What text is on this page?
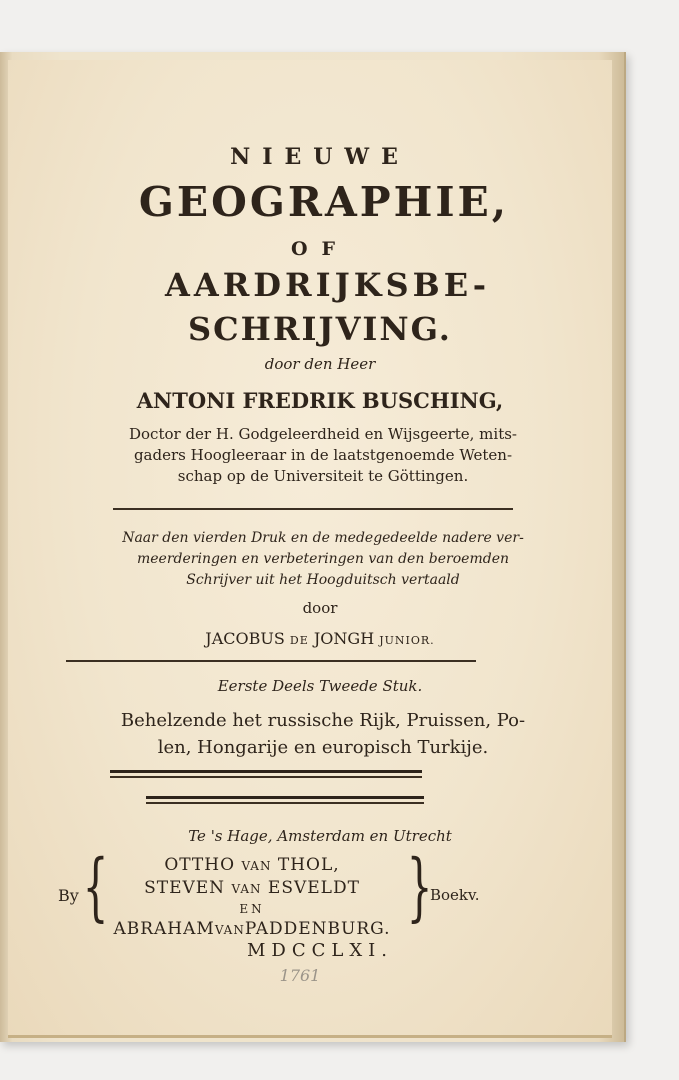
NIEUWE
GEOGRAPHIE,
OF
AARDRIJKSBE-
SCHRIJVING.
door den Heer
ANTONI FREDRIK BUSCHING,
Doctor der H. Godgeleerdheid en Wijsgeerte, mits-
gaders Hoogleeraar in de laatstgenoemde Weten-
schap op de Universiteit te Göttingen.
Naar den vierden Druk en de medegedeelde nadere ver-
meerderingen en verbeteringen van den beroemden
Schrijver uit het Hoogduitsch vertaald
door
JACOBUS DE JONGH JUNIOR.
Eerste Deels Tweede Stuk.
Behelzende het russische Rijk, Pruissen, Po-
len, Hongarije en europisch Turkije.
Te 's Hage, Amsterdam en Utrecht
By {	OTTHO VAN THOL,
STEVEN VAN ESVELDT
EN
ABRAHAMVANPADDENBURG. }
Boekv.
MDCCLXI.
1761
